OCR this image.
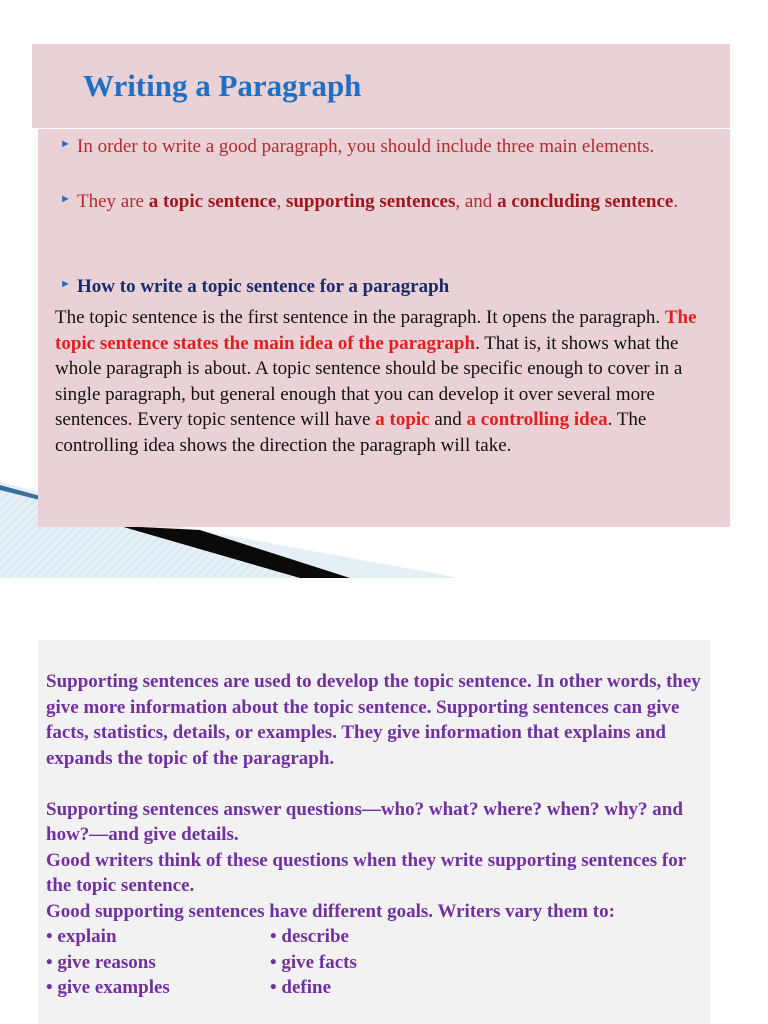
Writing a Paragraph
► In order to write a good paragraph, you should include three main elements.
► They are a topic sentence, supporting sentences, and a concluding sentence.
► How to write a topic sentence for a paragraph

The topic sentence is the first sentence in the paragraph. It opens the paragraph. The topic sentence states the main idea of the paragraph. That is, it shows what the whole paragraph is about. A topic sentence should be specific enough to cover in a single paragraph, but general enough that you can develop it over several more sentences. Every topic sentence will have a topic and a controlling idea. The controlling idea shows the direction the paragraph will take.

Supporting sentences are used to develop the topic sentence. In other words, they give more information about the topic sentence. Supporting sentences can give facts, statistics, details, or examples. They give information that explains and expands the topic of the paragraph.

Supporting sentences answer questions—who? what? where? when? why? and how?—and give details.

Good writers think of these questions when they write supporting sentences for the topic sentence.

Good supporting sentences have different goals. Writers vary them to:

• explain	• describe
• give reasons	• give facts
• give examples	• define
